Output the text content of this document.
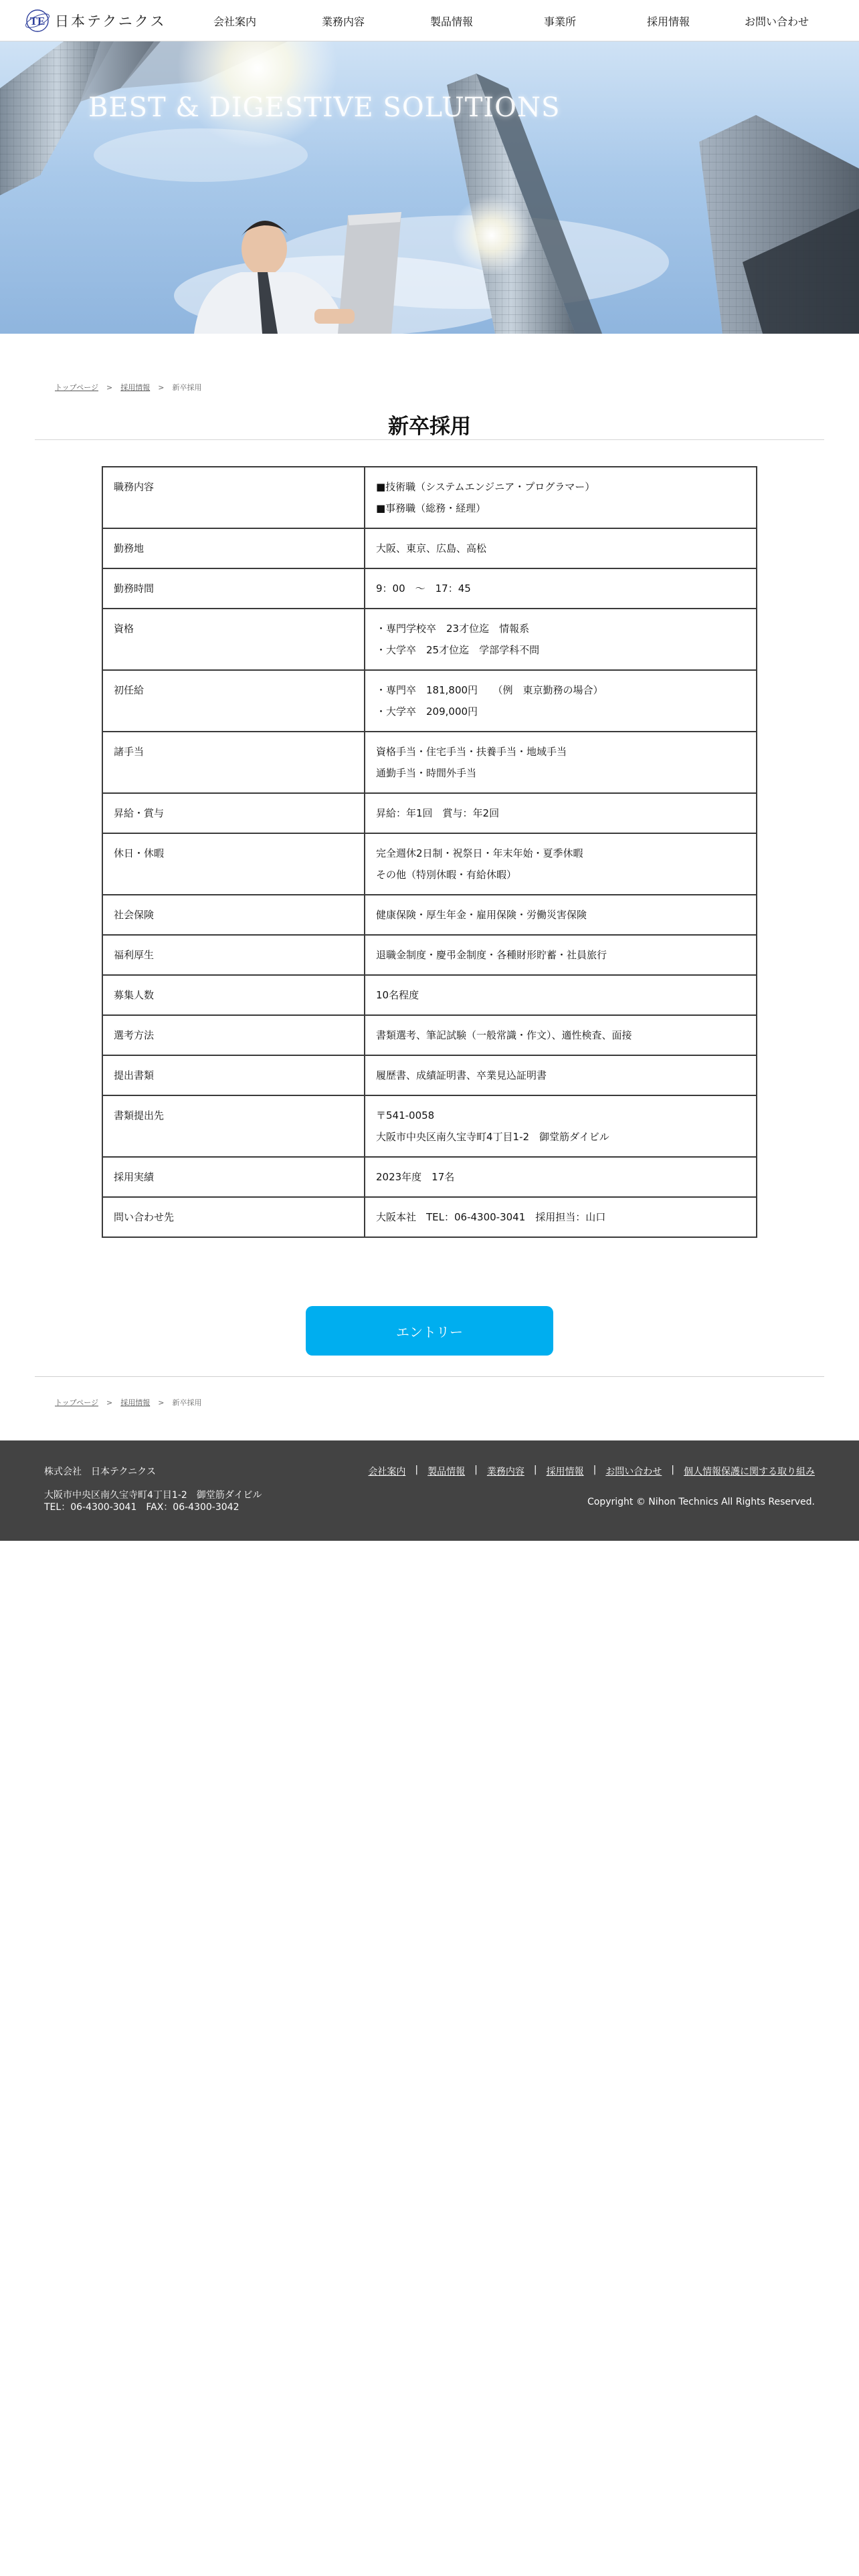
TE 日本テクニクス	会社案内	業務内容	製品情報	事業所	採用情報	お問い合わせ
BEST & DIGESTIVE SOLUTIONS
トップページ > 採用情報 > 新卒採用
新卒採用
職務内容	■技術職（システムエンジニア・プログラマー）
■事務職（総務・経理）

勤務地	大阪、東京、広島、高松

勤務時間	9：00　～　17：45

資格	・専門学校卒　23才位迄　情報系
・大学卒　25才位迄　学部学科不問

初任給	・専門卒　181,800円　　（例　東京勤務の場合）
・大学卒　209,000円

諸手当	資格手当・住宅手当・扶養手当・地域手当
通勤手当・時間外手当

昇給・賞与	昇給：年1回　賞与：年2回

休日・休暇	完全週休2日制・祝祭日・年末年始・夏季休暇
その他（特別休暇・有給休暇）

社会保険	健康保険・厚生年金・雇用保険・労働災害保険

福利厚生	退職金制度・慶弔金制度・各種財形貯蓄・社員旅行

募集人数	10名程度

選考方法	書類選考、筆記試験（一般常識・作文）、適性検査、面接

提出書類	履歴書、成績証明書、卒業見込証明書

書類提出先	〒541-0058
大阪市中央区南久宝寺町4丁目1-2　御堂筋ダイビル

採用実績	2023年度　17名

問い合わせ先	大阪本社　TEL：06-4300-3041　採用担当：山口
エントリー
トップページ > 採用情報 > 新卒採用
株式会社　日本テクニクス
大阪市中央区南久宝寺町4丁目1-2　御堂筋ダイビル
TEL：06-4300-3041　FAX：06-4300-3042
会社案内 | 製品情報 | 業務内容 | 採用情報 | お問い合わせ | 個人情報保護に関する取り組み
Copyright © Nihon Technics All Rights Reserved.
